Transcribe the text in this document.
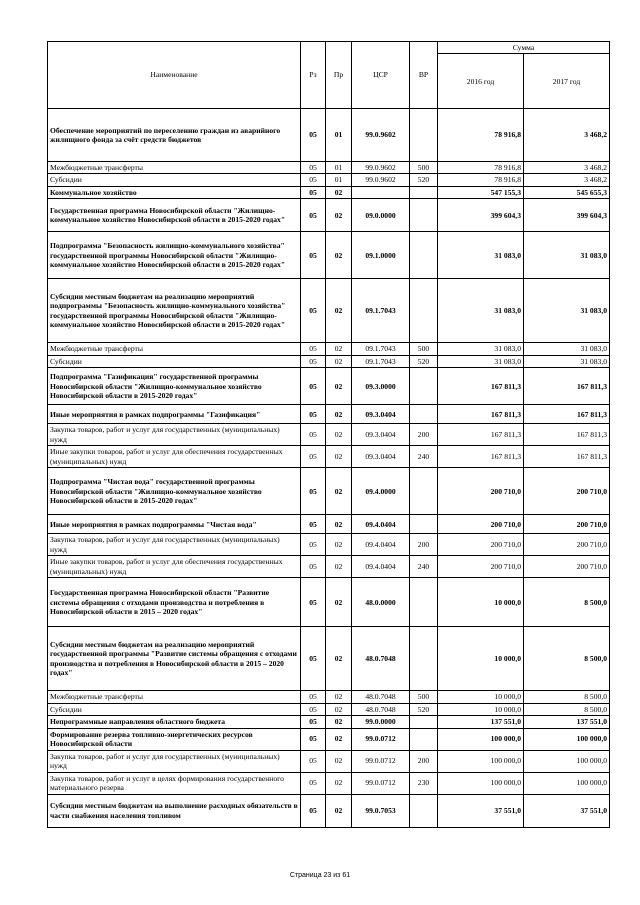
Наименование	Рз	Пр	ЦСР	ВР	Сумма	
					2016 год	2017 год
Обеспечение мероприятий по переселению граждан из аварийного жилищного фонда за счёт средств бюджетов	05	01	99.0.9602		78 916,8	3 468,2
Межбюджетные трансферты	05	01	99.0.9602	500	78 916,8	3 468,2
Субсидии	05	01	99.0.9602	520	78 916,8	3 468,2
Коммунальное хозяйство	05	02			547 155,3	545 655,3
Государственная программа Новосибирской области "Жилищно-коммунальное хозяйство Новосибирской области в 2015-2020 годах"	05	02	09.0.0000		399 604,3	399 604,3
Подпрограмма "Безопасность жилищно-коммунального хозяйства" государственной программы Новосибирской области "Жилищно-коммунальное хозяйство Новосибирской области в 2015-2020 годах"	05	02	09.1.0000		31 083,0	31 083,0
Субсидии местным бюджетам на реализацию мероприятий подпрограммы "Безопасность жилищно-коммунального хозяйства" государственной программы Новосибирской области "Жилищно-коммунальное хозяйство Новосибирской области в 2015-2020 годах"	05	02	09.1.7043		31 083,0	31 083,0
Межбюджетные трансферты	05	02	09.1.7043	500	31 083,0	31 083,0
Субсидии	05	02	09.1.7043	520	31 083,0	31 083,0
Подпрограмма "Газификация" государственной программы Новосибирской области "Жилищно-коммунальное хозяйство Новосибирской области в 2015-2020 годах"	05	02	09.3.0000		167 811,3	167 811,3
Иные мероприятия в рамках подпрограммы "Газификация"	05	02	09.3.0404		167 811,3	167 811,3
Закупка товаров, работ и услуг для государственных (муниципальных) нужд	05	02	09.3.0404	200	167 811,3	167 811,3
Иные закупки товаров, работ и услуг для обеспечения государственных (муниципальных) нужд	05	02	09.3.0404	240	167 811,3	167 811,3
Подпрограмма "Чистая вода" государственной программы Новосибирской области "Жилищно-коммунальное хозяйство Новосибирской области в 2015-2020 годах"	05	02	09.4.0000		200 710,0	200 710,0
Иные мероприятия в рамках подпрограммы "Чистая вода"	05	02	09.4.0404		200 710,0	200 710,0
Закупка товаров, работ и услуг для государственных (муниципальных) нужд	05	02	09.4.0404	200	200 710,0	200 710,0
Иные закупки товаров, работ и услуг для обеспечения государственных (муниципальных) нужд	05	02	09.4.0404	240	200 710,0	200 710,0
Государственная программа Новосибирской области "Развитие системы обращения с отходами производства и потребления в Новосибирской области в 2015 – 2020 годах"	05	02	48.0.0000		10 000,0	8 500,0
Субсидии местным бюджетам на реализацию мероприятий государственной программы "Развитие системы обращения с отходами производства и потребления в Новосибирской области в 2015 – 2020 годах"	05	02	48.0.7048		10 000,0	8 500,0
Межбюджетные трансферты	05	02	48.0.7048	500	10 000,0	8 500,0
Субсидии	05	02	48.0.7048	520	10 000,0	8 500,0
Непрограммные направления областного бюджета	05	02	99.0.0000		137 551,0	137 551,0
Формирование резерва топливно-энергетических ресурсов Новосибирской области	05	02	99.0.0712		100 000,0	100 000,0
Закупка товаров, работ и услуг для государственных (муниципальных) нужд	05	02	99.0.0712	200	100 000,0	100 000,0
Закупка товаров, работ и услуг в целях формирования государственного материального резерва	05	02	99.0.0712	230	100 000,0	100 000,0
Субсидии местным бюджетам на выполнение расходных обязательств в части снабжения населения топливом	05	02	99.0.7053		37 551,0	37 551,0
Страница 23 из 61
